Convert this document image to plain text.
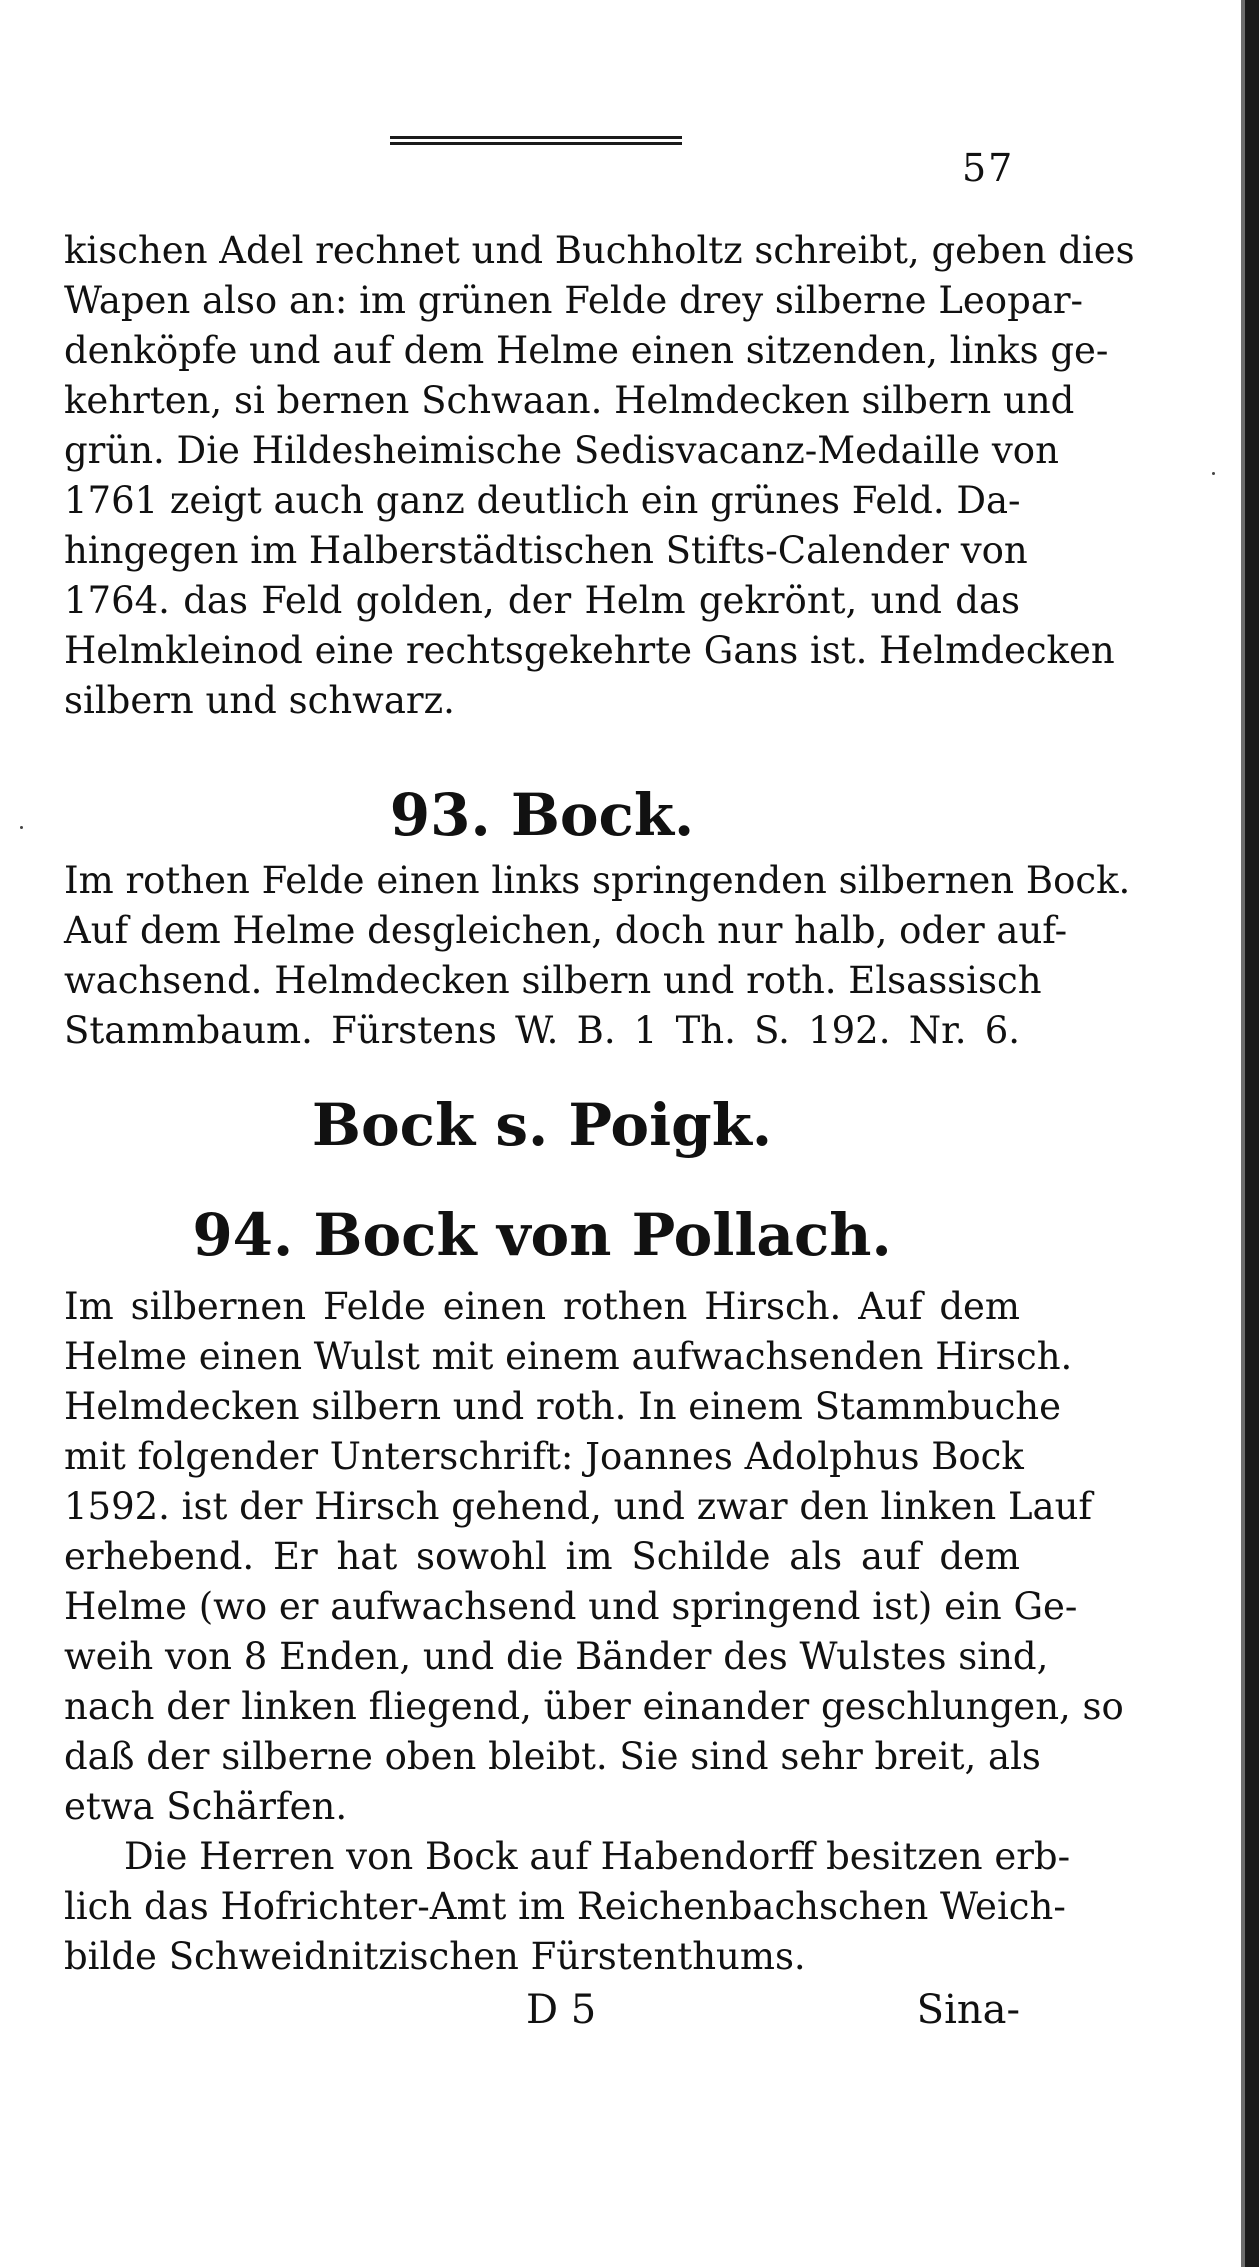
57
kischen Adel rechnet und Buchholtz schreibt, geben dies
Wapen also an: im grünen Felde drey silberne Leopar-
denköpfe und auf dem Helme einen sitzenden, links ge-
kehrten, si bernen Schwaan. Helmdecken silbern und
grün. Die Hildesheimische Sedisvacanz-Medaille von
1761 zeigt auch ganz deutlich ein grünes Feld. Da-
hingegen im Halberstädtischen Stifts-Calender von
1764. das Feld golden, der Helm gekrönt, und das
Helmkleinod eine rechtsgekehrte Gans ist. Helmdecken
silbern und schwarz.
93. Bock.
Im rothen Felde einen links springenden silbernen Bock.
Auf dem Helme desgleichen, doch nur halb, oder auf-
wachsend. Helmdecken silbern und roth. Elsassisch
Stammbaum. Fürstens W. B. 1 Th. S. 192. Nr. 6.
Bock s. Poigk.
94. Bock von Pollach.
Im silbernen Felde einen rothen Hirsch. Auf dem
Helme einen Wulst mit einem aufwachsenden Hirsch.
Helmdecken silbern und roth. In einem Stammbuche
mit folgender Unterschrift: Joannes Adolphus Bock
1592. ist der Hirsch gehend, und zwar den linken Lauf
erhebend. Er hat sowohl im Schilde als auf dem
Helme (wo er aufwachsend und springend ist) ein Ge-
weih von 8 Enden, und die Bänder des Wulstes sind,
nach der linken fliegend, über einander geschlungen, so
daß der silberne oben bleibt. Sie sind sehr breit, als
etwa Schärfen.
Die Herren von Bock auf Habendorff besitzen erb-
lich das Hofrichter-Amt im Reichenbachschen Weich-
bilde Schweidnitzischen Fürstenthums.
D 5	Sina-
